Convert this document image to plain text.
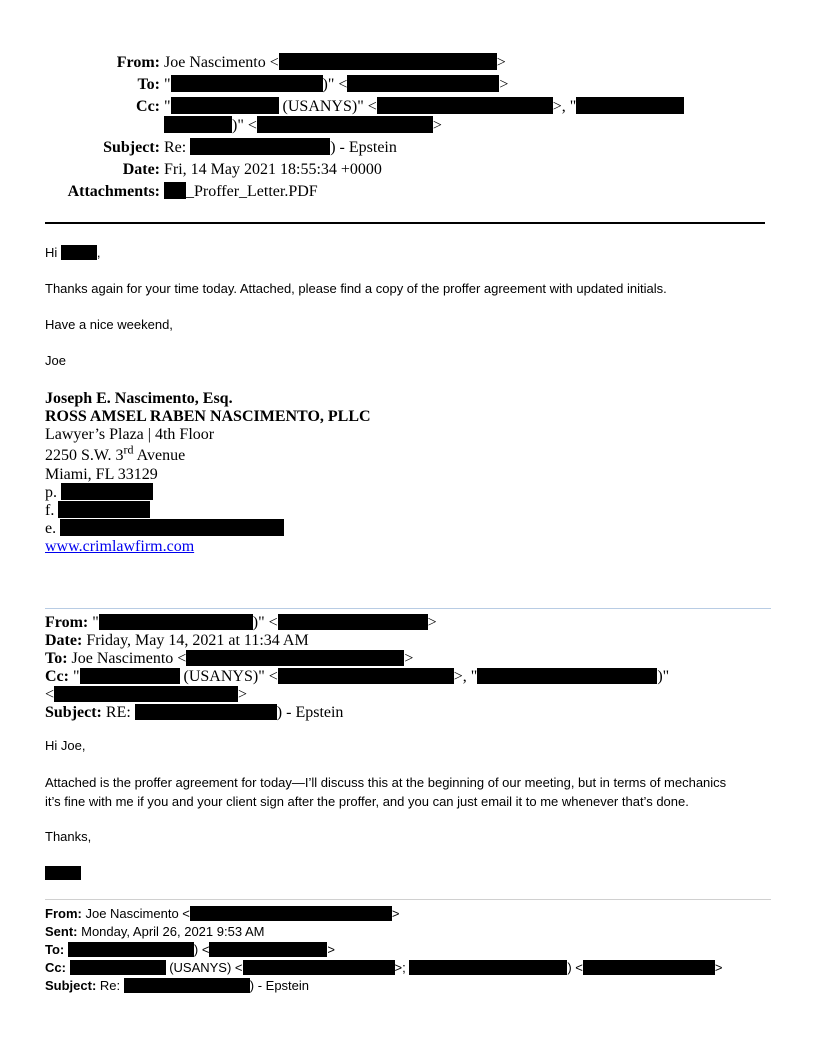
From: Joe Nascimento <	>
To: "	)" <	>
Cc: "	(USANYS)" <	>, "
)" <	>
Subject: Re:	) - Epstein
Date: Fri, 14 May 2021 18:55:34 +0000
Attachments:	_Proffer_Letter.PDF
Hi	,
Thanks again for your time today. Attached, please find a copy of the proffer agreement with updated initials.
Have a nice weekend,
Joe
Joseph E. Nascimento, Esq.
ROSS AMSEL RABEN NASCIMENTO, PLLC
Lawyer’s Plaza | 4th Floor
2250 S.W. 3rd Avenue
Miami, FL 33129
p.
f.
e.
www.crimlawfirm.com
From: "	)" <	>
Date: Friday, May 14, 2021 at 11:34 AM
To: Joe Nascimento <	>
Cc: "	(USANYS)" <	>, "	)"
<	>
Subject: RE:	) - Epstein
Hi Joe,
Attached is the proffer agreement for today—I’ll discuss this at the beginning of our meeting, but in terms of mechanics
it’s fine with me if you and your client sign after the proffer, and you can just email it to me whenever that’s done.
Thanks,
From: Joe Nascimento <	>
Sent: Monday, April 26, 2021 9:53 AM
To:	) <	>
Cc:	(USANYS) <	>;	) <	>
Subject: Re:	) - Epstein
